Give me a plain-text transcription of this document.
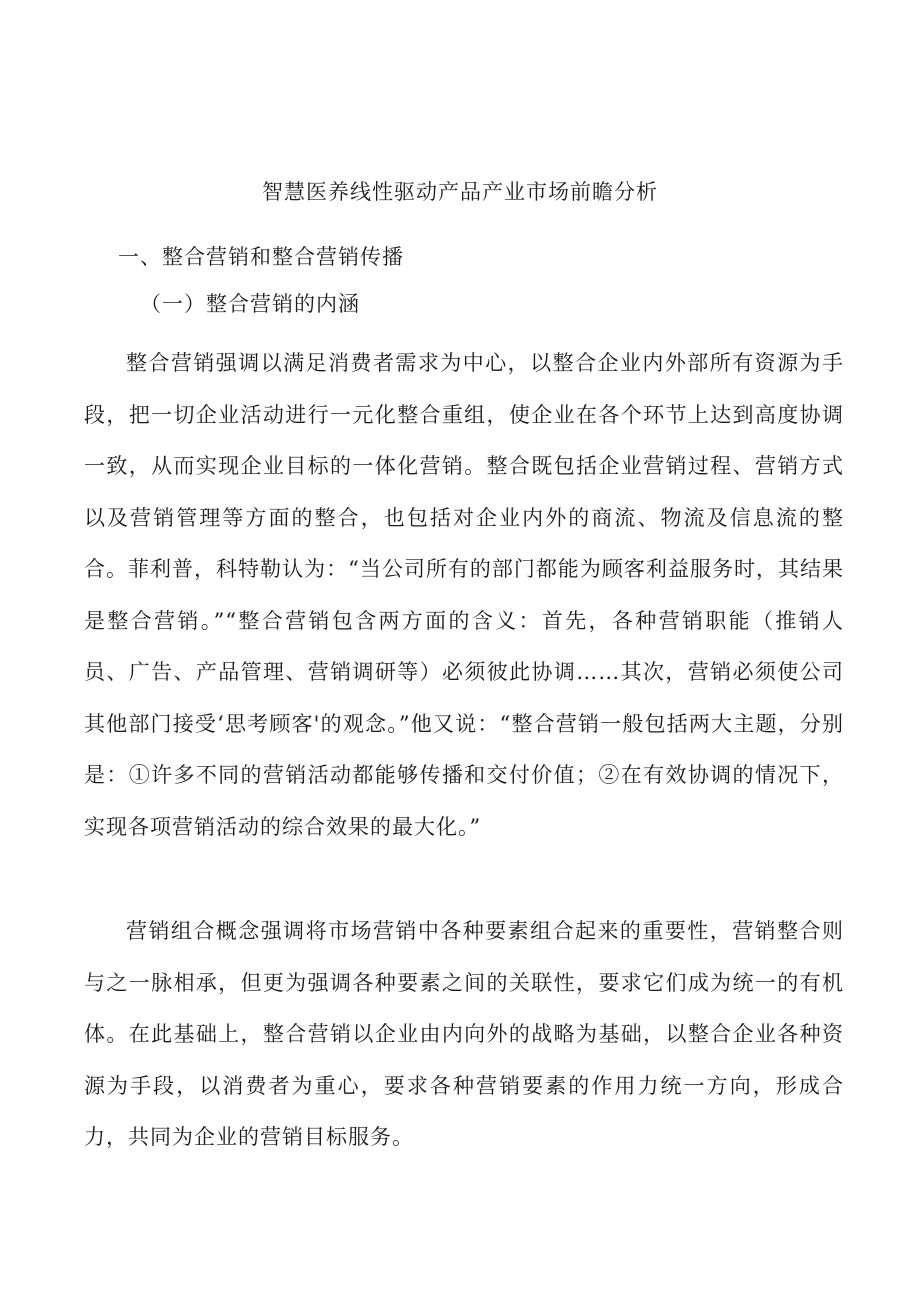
智慧医养线性驱动产品产业市场前瞻分析
一、整合营销和整合营销传播
（一）整合营销的内涵

整合营销强调以满足消费者需求为中心，以整合企业内外部所有资源为手段，把一切企业活动进行一元化整合重组，使企业在各个环节上达到高度协调一致，从而实现企业目标的一体化营销。整合既包括企业营销过程、营销方式以及营销管理等方面的整合，也包括对企业内外的商流、物流及信息流的整合。菲利普，科特勒认为：“当公司所有的部门都能为顾客利益服务时，其结果是整合营销。”“整合营销包含两方面的含义：首先，各种营销职能（推销人员、广告、产品管理、营销调研等）必须彼此协调……其次，营销必须使公司其他部门接受‘思考顾客'的观念。”他又说：“整合营销一般包括两大主题，分别是：①许多不同的营销活动都能够传播和交付价值；②在有效协调的情况下，实现各项营销活动的综合效果的最大化。”

营销组合概念强调将市场营销中各种要素组合起来的重要性，营销整合则与之一脉相承，但更为强调各种要素之间的关联性，要求它们成为统一的有机体。在此基础上，整合营销以企业由内向外的战略为基础，以整合企业各种资源为手段，以消费者为重心，要求各种营销要素的作用力统一方向，形成合力，共同为企业的营销目标服务。
